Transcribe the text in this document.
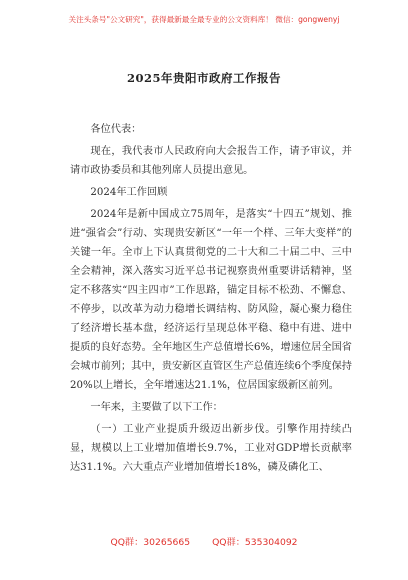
关注头条号"公文研究"，获得最新最全最专业的公文资料库！ 微信：gongwenyj
2025年贵阳市政府工作报告

各位代表：

现在，我代表市人民政府向大会报告工作，请予审议，并请市政协委员和其他列席人员提出意见。

2024年工作回顾

2024年是新中国成立75周年，是落实“十四五”规划、推进“强省会”行动、实现贵安新区“一年一个样、三年大变样”的关键一年。全市上下认真贯彻党的二十大和二十届二中、三中全会精神，深入落实习近平总书记视察贵州重要讲话精神，坚定不移落实“四主四市”工作思路，锚定目标不松劲、不懈怠、不停步，以改革为动力稳增长调结构、防风险，凝心聚力稳住了经济增长基本盘，经济运行呈现总体平稳、稳中有进、进中提质的良好态势。全年地区生产总值增长6%，增速位居全国省会城市前列；其中，贵安新区直管区生产总值连续6个季度保持20%以上增长，全年增速达21.1%，位居国家级新区前列。

一年来，主要做了以下工作：

（一）工业产业提质升级迈出新步伐。引擎作用持续凸显，规模以上工业增加值增长9.7%，工业对GDP增长贡献率达31.1%。六大重点产业增加值增长18%，磷及磷化工、

QQ群：30265665 QQ群：535304092
